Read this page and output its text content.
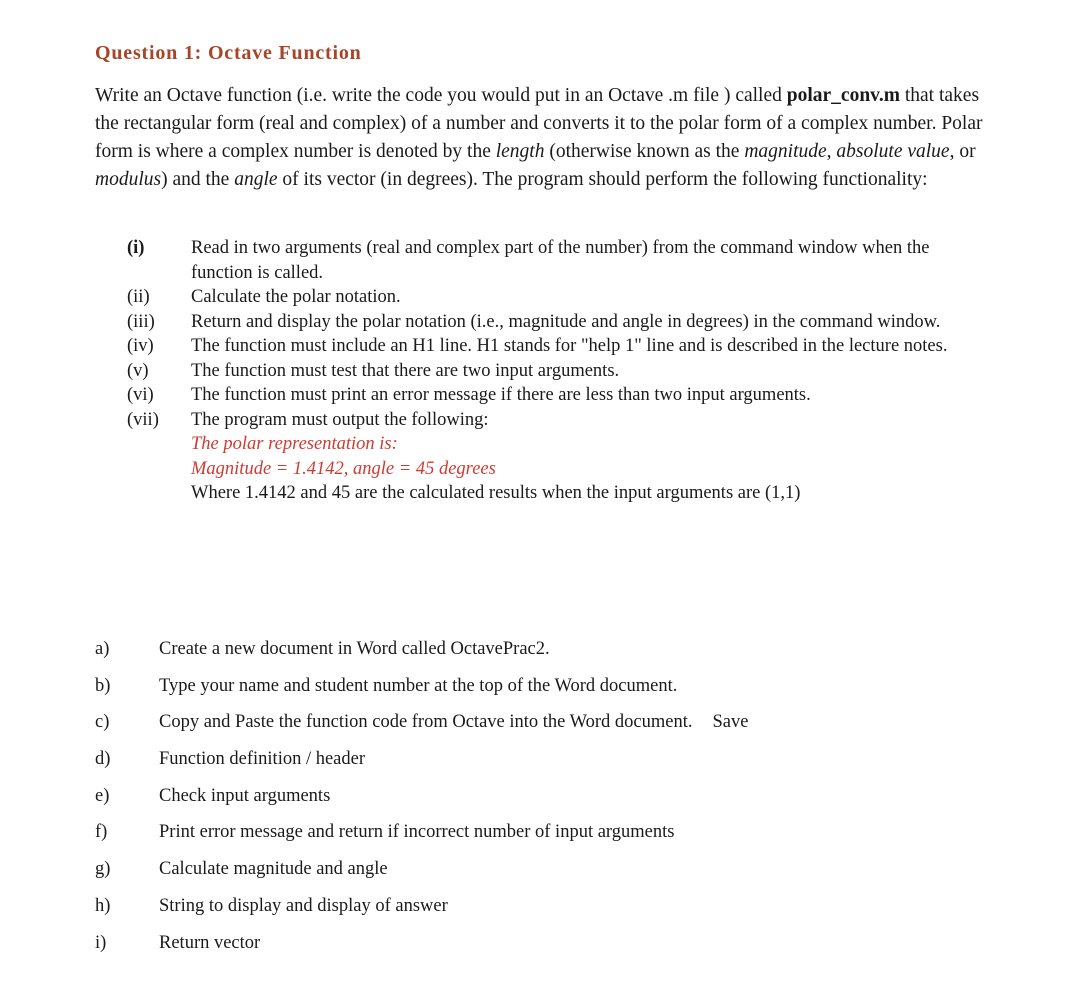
Question 1: Octave Function

Write an Octave function (i.e. write the code you would put in an Octave .m file ) called polar_conv.m that takes the rectangular form (real and complex) of a number and converts it to the polar form of a complex number. Polar form is where a complex number is denoted by the length (otherwise known as the magnitude, absolute value, or modulus) and the angle of its vector (in degrees). The program should perform the following functionality:

(i)	Read in two arguments (real and complex part of the number) from the command window when the function is called.
(ii) Calculate the polar notation.
(iii) Return and display the polar notation (i.e., magnitude and angle in degrees) in the command window.
(iv) The function must include an H1 line. H1 stands for "help 1" line and is described in the lecture notes.
(v) The function must test that there are two input arguments.
(vi) The function must print an error message if there are less than two input arguments.
(vii) The program must output the following:
The polar representation is:
Magnitude = 1.4142, angle = 45 degrees
Where 1.4142 and 45 are the calculated results when the input arguments are (1,1)
a)	Create a new document in Word called OctavePrac2.
b)	Type your name and student number at the top of the Word document.
c)	Copy and Paste the function code from Octave into the Word document. Save
d)	Function definition / header
e)	Check input arguments
f)	Print error message and return if incorrect number of input arguments
g)	Calculate magnitude and angle
h)	String to display and display of answer
i)	Return vector
